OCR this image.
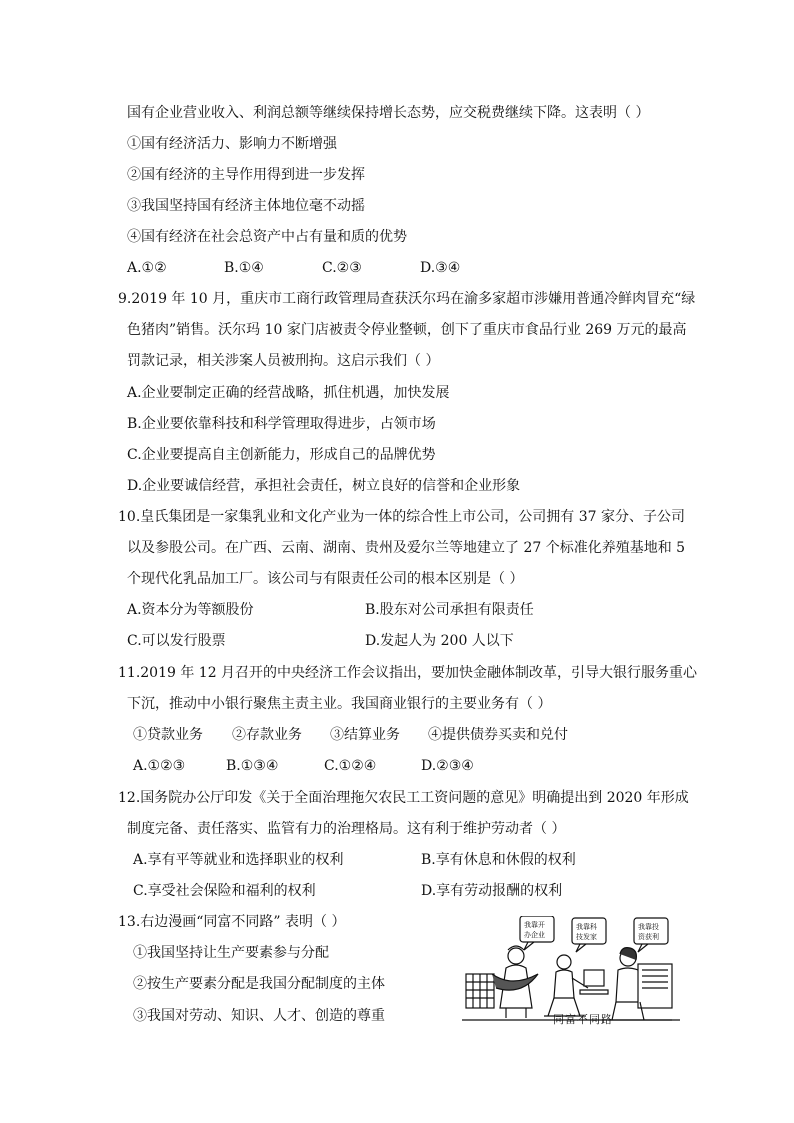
国有企业营业收入、利润总额等继续保持增长态势，应交税费继续下降。这表明（ ）
①国有经济活力、影响力不断增强
②国有经济的主导作用得到进一步发挥
③我国坚持国有经济主体地位毫不动摇
④国有经济在社会总资产中占有量和质的优势
A.①②	B.①④	C.②③	D.③④
9.2019 年 10 月，重庆市工商行政管理局查获沃尔玛在渝多家超市涉嫌用普通冷鲜肉冒充“绿
色猪肉”销售。沃尔玛 10 家门店被责令停业整顿，创下了重庆市食品行业 269 万元的最高
罚款记录，相关涉案人员被刑拘。这启示我们（ ）
A.企业要制定正确的经营战略，抓住机遇，加快发展
B.企业要依靠科技和科学管理取得进步，占领市场
C.企业要提高自主创新能力，形成自己的品牌优势
D.企业要诚信经营，承担社会责任，树立良好的信誉和企业形象
10.皇氏集团是一家集乳业和文化产业为一体的综合性上市公司，公司拥有 37 家分、子公司
以及参股公司。在广西、云南、湖南、贵州及爱尔兰等地建立了 27 个标准化养殖基地和 5
个现代化乳品加工厂。该公司与有限责任公司的根本区别是（ ）
A.资本分为等额股份	B.股东对公司承担有限责任
C.可以发行股票	D.发起人为 200 人以下
11.2019 年 12 月召开的中央经济工作会议指出，要加快金融体制改革，引导大银行服务重心
下沉，推动中小银行聚焦主责主业。我国商业银行的主要业务有（ ）
①贷款业务 ②存款业务 ③结算业务 ④提供债券买卖和兑付
A.①②③	B.①③④	C.①②④	D.②③④
12.国务院办公厅印发《关于全面治理拖欠农民工工资问题的意见》明确提出到 2020 年形成
制度完备、责任落实、监管有力的治理格局。这有利于维护劳动者（ ）
A.享有平等就业和选择职业的权利	B.享有休息和休假的权利
C.享受社会保险和福利的权利	D.享有劳动报酬的权利
13.右边漫画“同富不同路” 表明（ ）
①我国坚持让生产要素参与分配
②按生产要素分配是我国分配制度的主体
③我国对劳动、知识、人才、创造的尊重
我靠开
办企业
我靠科
技发家
我靠投
资获利
同富不同路
